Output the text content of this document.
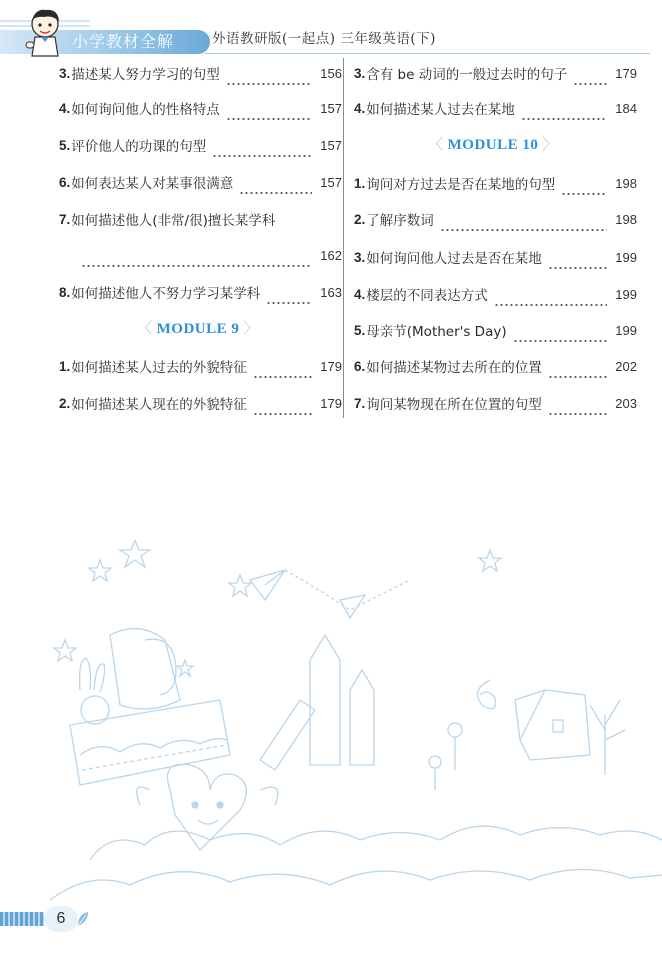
小学教材全解	外语教研版(一起点) 三年级英语(下)
3. 描述某人努力学习的句型	156
4. 如何询问他人的性格特点	157
5. 评价他人的功课的句型	157
6. 如何表达某人对某事很满意	157
7. 如何描述他人(非常/很)擅长某学科
162
8. 如何描述他人不努力学习某学科	163
〈 MODULE 9 〉
1. 如何描述某人过去的外貌特征	179
2. 如何描述某人现在的外貌特征	179
3. 含有 be 动词的一般过去时的句子	179
4. 如何描述某人过去在某地	184
〈 MODULE 10 〉
1. 询问对方过去是否在某地的句型	198
2. 了解序数词	198
3. 如何询问他人过去是否在某地	199
4. 楼层的不同表达方式	199
5. 母亲节(Mother's Day)	199
6. 如何描述某物过去所在的位置	202
7. 询问某物现在所在位置的句型	203
6
